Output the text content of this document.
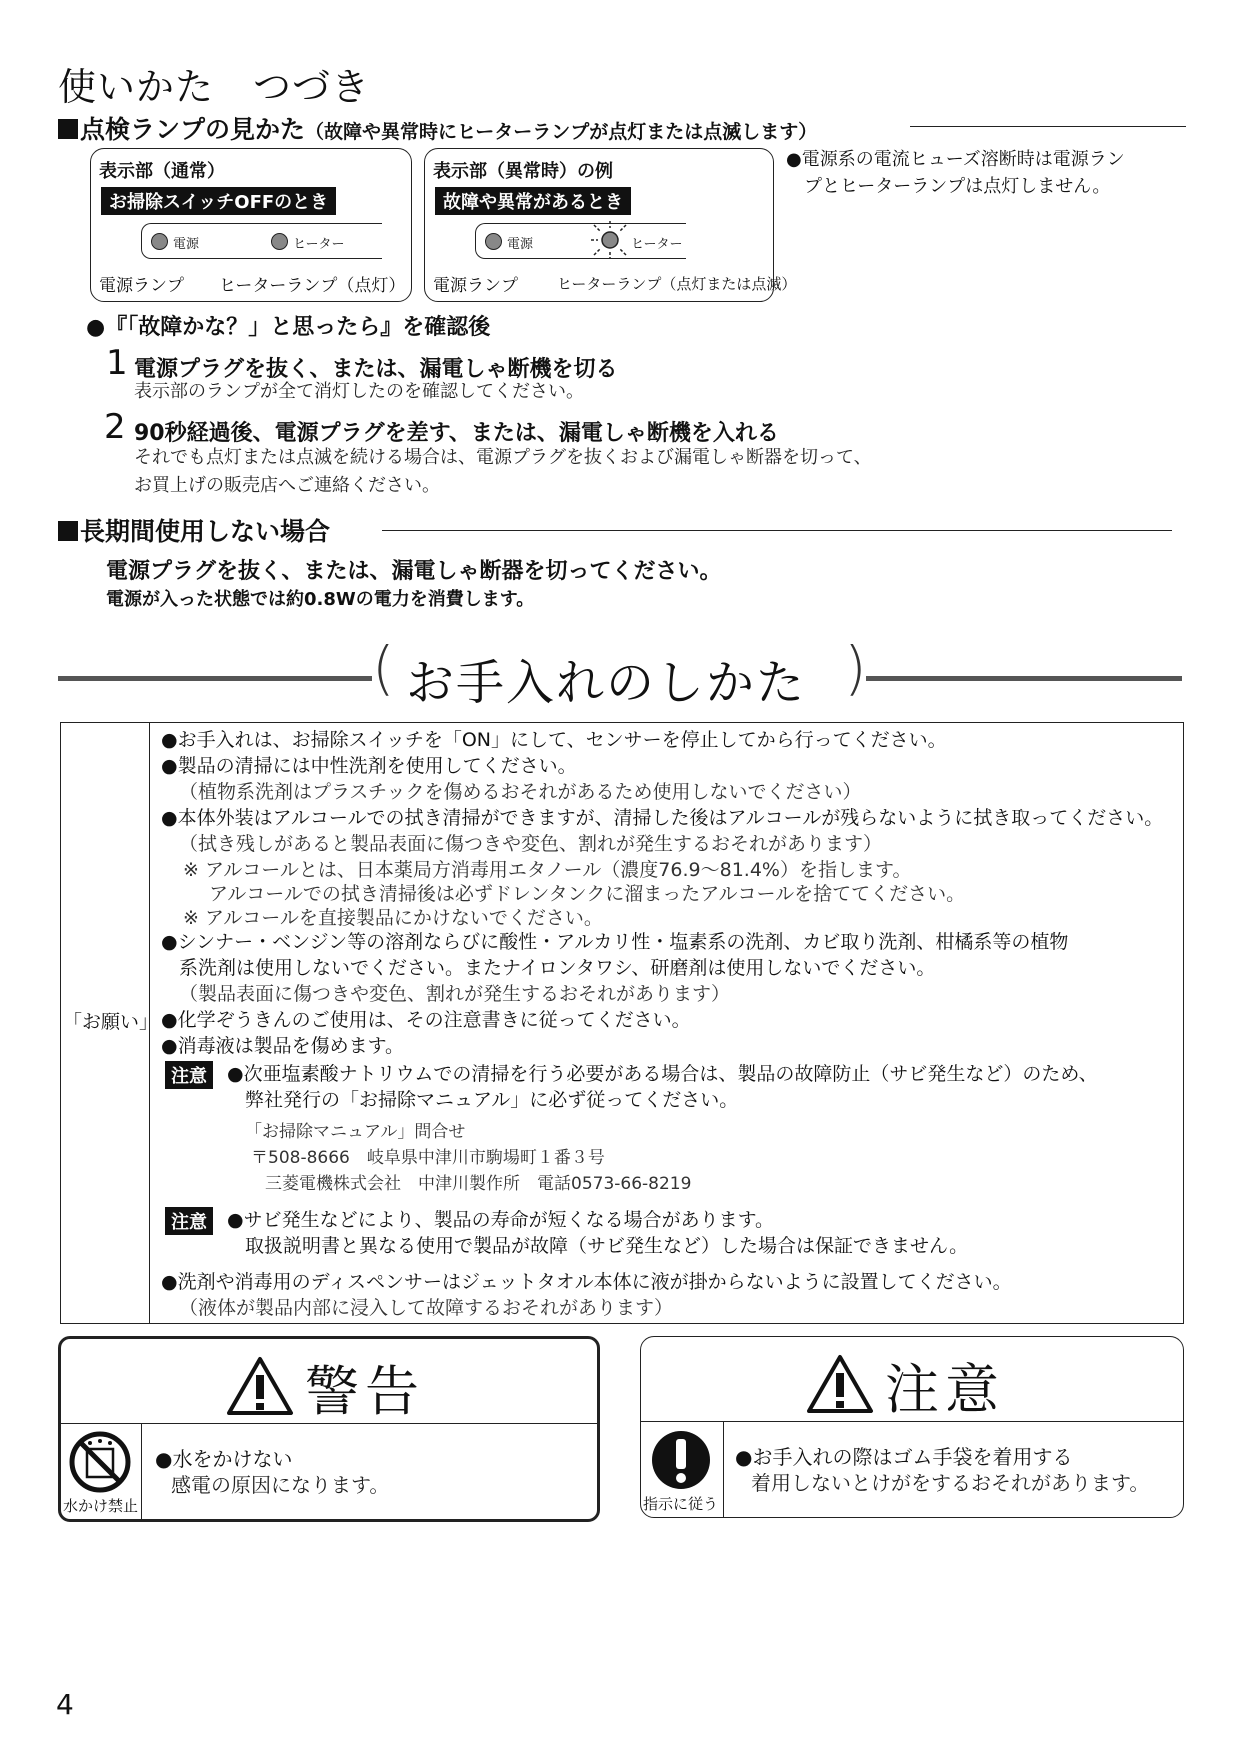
使いかた　つづき
点検ランプの見かた（故障や異常時にヒーターランプが点灯または点滅します）
表示部（通常）
お掃除スイッチOFFのとき
電源	ヒーター
電源ランプ ヒーターランプ（点灯）
表示部（異常時）の例
故障や異常があるとき
電源	ヒーター
電源ランプ	ヒーターランプ（点灯または点滅）
●電源系の電流ヒューズ溶断時は電源ラン
プとヒーターランプは点灯しません。
●『「故障かな？」と思ったら』を確認後
1 電源プラグを抜く、または、漏電しゃ断機を切る
表示部のランプが全て消灯したのを確認してください。
2 90秒経過後、電源プラグを差す、または、漏電しゃ断機を入れる
それでも点灯または点滅を続ける場合は、電源プラグを抜くおよび漏電しゃ断器を切って、
お買上げの販売店へご連絡ください。
長期間使用しない場合
電源プラグを抜く、または、漏電しゃ断器を切ってください。
電源が入った状態では約0.8Wの電力を消費します。
( お手入れのしかた )
「お願い」
●お手入れは、お掃除スイッチを「ON」にして、センサーを停止してから行ってください。
●製品の清掃には中性洗剤を使用してください。
（植物系洗剤はプラスチックを傷めるおそれがあるため使用しないでください）
●本体外装はアルコールでの拭き清掃ができますが、清掃した後はアルコールが残らないように拭き取ってください。
（拭き残しがあると製品表面に傷つきや変色、割れが発生するおそれがあります）
※ アルコールとは、日本薬局方消毒用エタノール（濃度76.9～81.4%）を指します。
アルコールでの拭き清掃後は必ずドレンタンクに溜まったアルコールを捨ててください。
※ アルコールを直接製品にかけないでください。
●シンナー・ベンジン等の溶剤ならびに酸性・アルカリ性・塩素系の洗剤、カビ取り洗剤、柑橘系等の植物
系洗剤は使用しないでください。またナイロンタワシ、研磨剤は使用しないでください。
（製品表面に傷つきや変色、割れが発生するおそれがあります）
●化学ぞうきんのご使用は、その注意書きに従ってください。
●消毒液は製品を傷めます。
注意	●次亜塩素酸ナトリウムでの清掃を行う必要がある場合は、製品の故障防止（サビ発生など）のため、
弊社発行の「お掃除マニュアル」に必ず従ってください。
「お掃除マニュアル」問合せ
〒508-8666　岐阜県中津川市駒場町１番３号
三菱電機株式会社　中津川製作所　電話0573-66-8219
注意	●サビ発生などにより、製品の寿命が短くなる場合があります。
取扱説明書と異なる使用で製品が故障（サビ発生など）した場合は保証できません。
●洗剤や消毒用のディスペンサーはジェットタオル本体に液が掛からないように設置してください。
（液体が製品内部に浸入して故障するおそれがあります）
警告
水かけ禁止
●水をかけない
感電の原因になります。
注意
指示に従う
●お手入れの際はゴム手袋を着用する
着用しないとけがをするおそれがあります。
4
